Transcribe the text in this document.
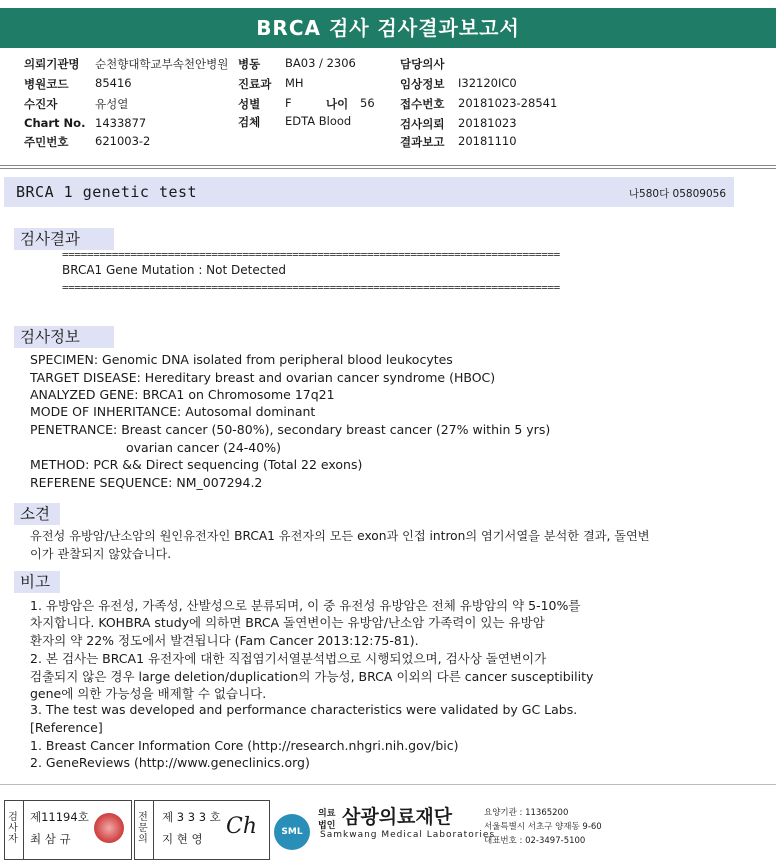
BRCA 검사 검사결과보고서
의뢰기관명 순천향대학교부속천안병원
병원코드 85416
수진자	유성열
Chart No. 1433877
주민번호 621003-2
병동 BA03 / 2306
진료과 MH
성별 F	나이 56
검체 EDTA Blood
담당의사
임상정보 I32120IC0
접수번호 20181023-28541
검사의뢰 20181023
결과보고 20181110
BRCA 1 genetic test	나580다 05809056
검사결과
================================================================================
BRCA1 Gene Mutation : Not Detected
================================================================================
검사정보
SPECIMEN: Genomic DNA isolated from peripheral blood leukocytes
TARGET DISEASE: Hereditary breast and ovarian cancer syndrome (HBOC)
ANALYZED GENE: BRCA1 on Chromosome 17q21
MODE OF INHERITANCE: Autosomal dominant
PENETRANCE: Breast cancer (50-80%), secondary breast cancer (27% within 5 yrs)
ovarian cancer (24-40%)
METHOD: PCR && Direct sequencing (Total 22 exons)
REFERENE SEQUENCE: NM_007294.2
소견
유전성 유방암/난소암의 원인유전자인 BRCA1 유전자의 모든 exon과 인접 intron의 염기서열을 분석한 결과, 돌연변
이가 관찰되지 않았습니다.
비고
1. 유방암은 유전성, 가족성, 산발성으로 분류되며, 이 중 유전성 유방암은 전체 유방암의 약 5-10%를
차지합니다. KOHBRA study에 의하면 BRCA 돌연변이는 유방암/난소암 가족력이 있는 유방암
환자의 약 22% 정도에서 발견됩니다 (Fam Cancer 2013:12:75-81).
2. 본 검사는 BRCA1 유전자에 대한 직접염기서열분석법으로 시행되었으며, 검사상 돌연변이가
검출되지 않은 경우 large deletion/duplication의 가능성, BRCA 이외의 다른 cancer susceptibility
gene에 의한 가능성을 배제할 수 없습니다.
3. The test was developed and performance characteristics were validated by GC Labs.
[Reference]
1. Breast Cancer Information Core (http://research.nhgri.nih.gov/bic)
2. GeneReviews (http://www.geneclinics.org)
검사자
제11194호
최 삼 규
전문의
제 3 3 3 호
지 현 영 Ch	SML
의료
법인 삼광의료재단
Samkwang Medical Laboratories
요양기관 : 11365200
서울특별시 서초구 양재동 9-60
대표번호 : 02-3497-5100
